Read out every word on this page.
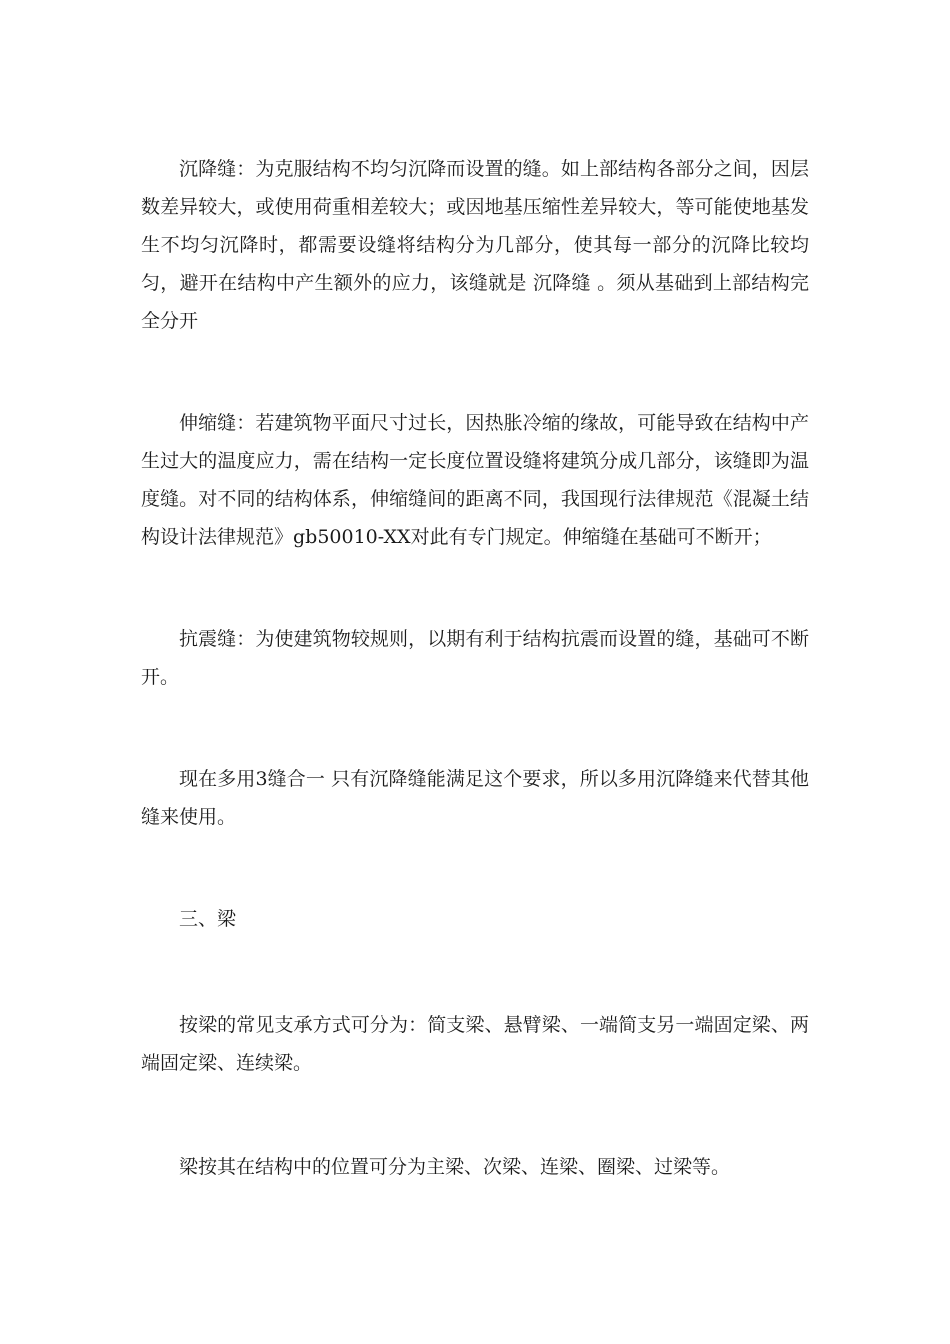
沉降缝：为克服结构不均匀沉降而设置的缝。如上部结构各部分之间，因层数差异较大，或使用荷重相差较大；或因地基压缩性差异较大，等可能使地基发生不均匀沉降时，都需要设缝将结构分为几部分，使其每一部分的沉降比较均匀，避开在结构中产生额外的应力，该缝就是 沉降缝 。须从基础到上部结构完全分开

伸缩缝：若建筑物平面尺寸过长，因热胀冷缩的缘故，可能导致在结构中产生过大的温度应力，需在结构一定长度位置设缝将建筑分成几部分，该缝即为温度缝。对不同的结构体系，伸缩缝间的距离不同，我国现行法律规范《混凝土结构设计法律规范》gb50010-XX对此有专门规定。伸缩缝在基础可不断开；

抗震缝：为使建筑物较规则，以期有利于结构抗震而设置的缝，基础可不断开。

现在多用3缝合一 只有沉降缝能满足这个要求，所以多用沉降缝来代替其他缝来使用。

三、梁

按梁的常见支承方式可分为：简支梁、悬臂梁、一端简支另一端固定梁、两端固定梁、连续梁。

梁按其在结构中的位置可分为主梁、次梁、连梁、圈梁、过梁等。
